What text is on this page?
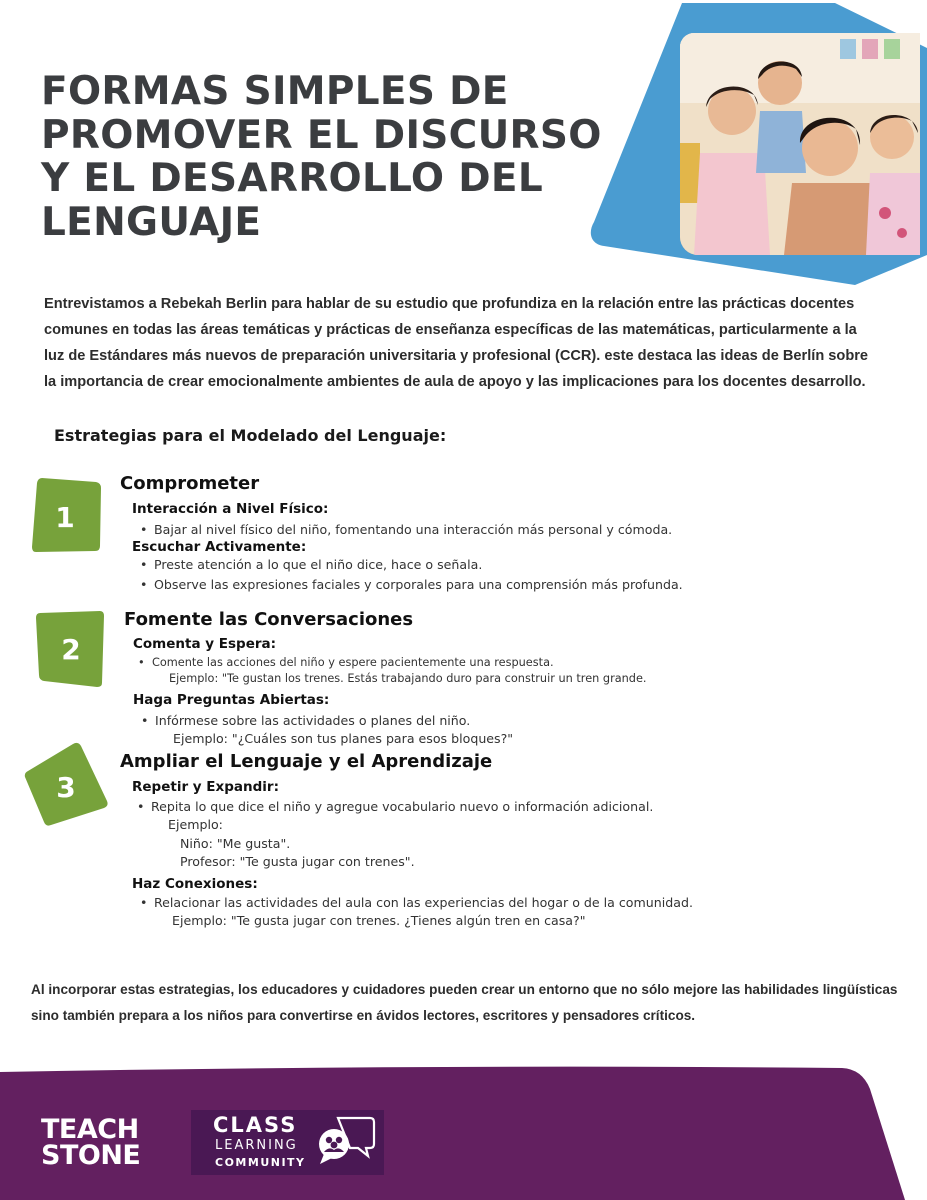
FORMAS SIMPLES DE
PROMOVER EL DISCURSO
Y EL DESARROLLO DEL
LENGUAJE

Entrevistamos a Rebekah Berlin para hablar de su estudio que profundiza en la relación entre las prácticas docentes comunes en todas las áreas temáticas y prácticas de enseñanza específicas de las matemáticas, particularmente a la luz de Estándares más nuevos de preparación universitaria y profesional (CCR). este destaca las ideas de Berlín sobre la importancia de crear emocionalmente ambientes de aula de apoyo y las implicaciones para los docentes desarrollo.

Estrategias para el Modelado del Lenguaje:
1
Comprometer

Interacción a Nivel Físico:

• Bajar al nivel físico del niño, fomentando una interacción más personal y cómoda.

Escuchar Activamente:

• Preste atención a lo que el niño dice, hace o señala.

• Observe las expresiones faciales y corporales para una comprensión más profunda.

2
Fomente las Conversaciones

Comenta y Espera:

• Comente las acciones del niño y espere pacientemente una respuesta.

Ejemplo: "Te gustan los trenes. Estás trabajando duro para construir un tren grande.

Haga Preguntas Abiertas:

• Infórmese sobre las actividades o planes del niño.

Ejemplo: "¿Cuáles son tus planes para esos bloques?"

3
Ampliar el Lenguaje y el Aprendizaje

Repetir y Expandir:

• Repita lo que dice el niño y agregue vocabulario nuevo o información adicional.

Ejemplo:

Niño: "Me gusta".

Profesor: "Te gusta jugar con trenes".

Haz Conexiones:

• Relacionar las actividades del aula con las experiencias del hogar o de la comunidad.

Ejemplo: "Te gusta jugar con trenes. ¿Tienes algún tren en casa?"

Al incorporar estas estrategias, los educadores y cuidadores pueden crear un entorno que no sólo mejore las habilidades lingüísticas sino también prepara a los niños para convertirse en ávidos lectores, escritores y pensadores críticos.

TEACH
STONE
CLASS
LEARNING
COMMUNITY
